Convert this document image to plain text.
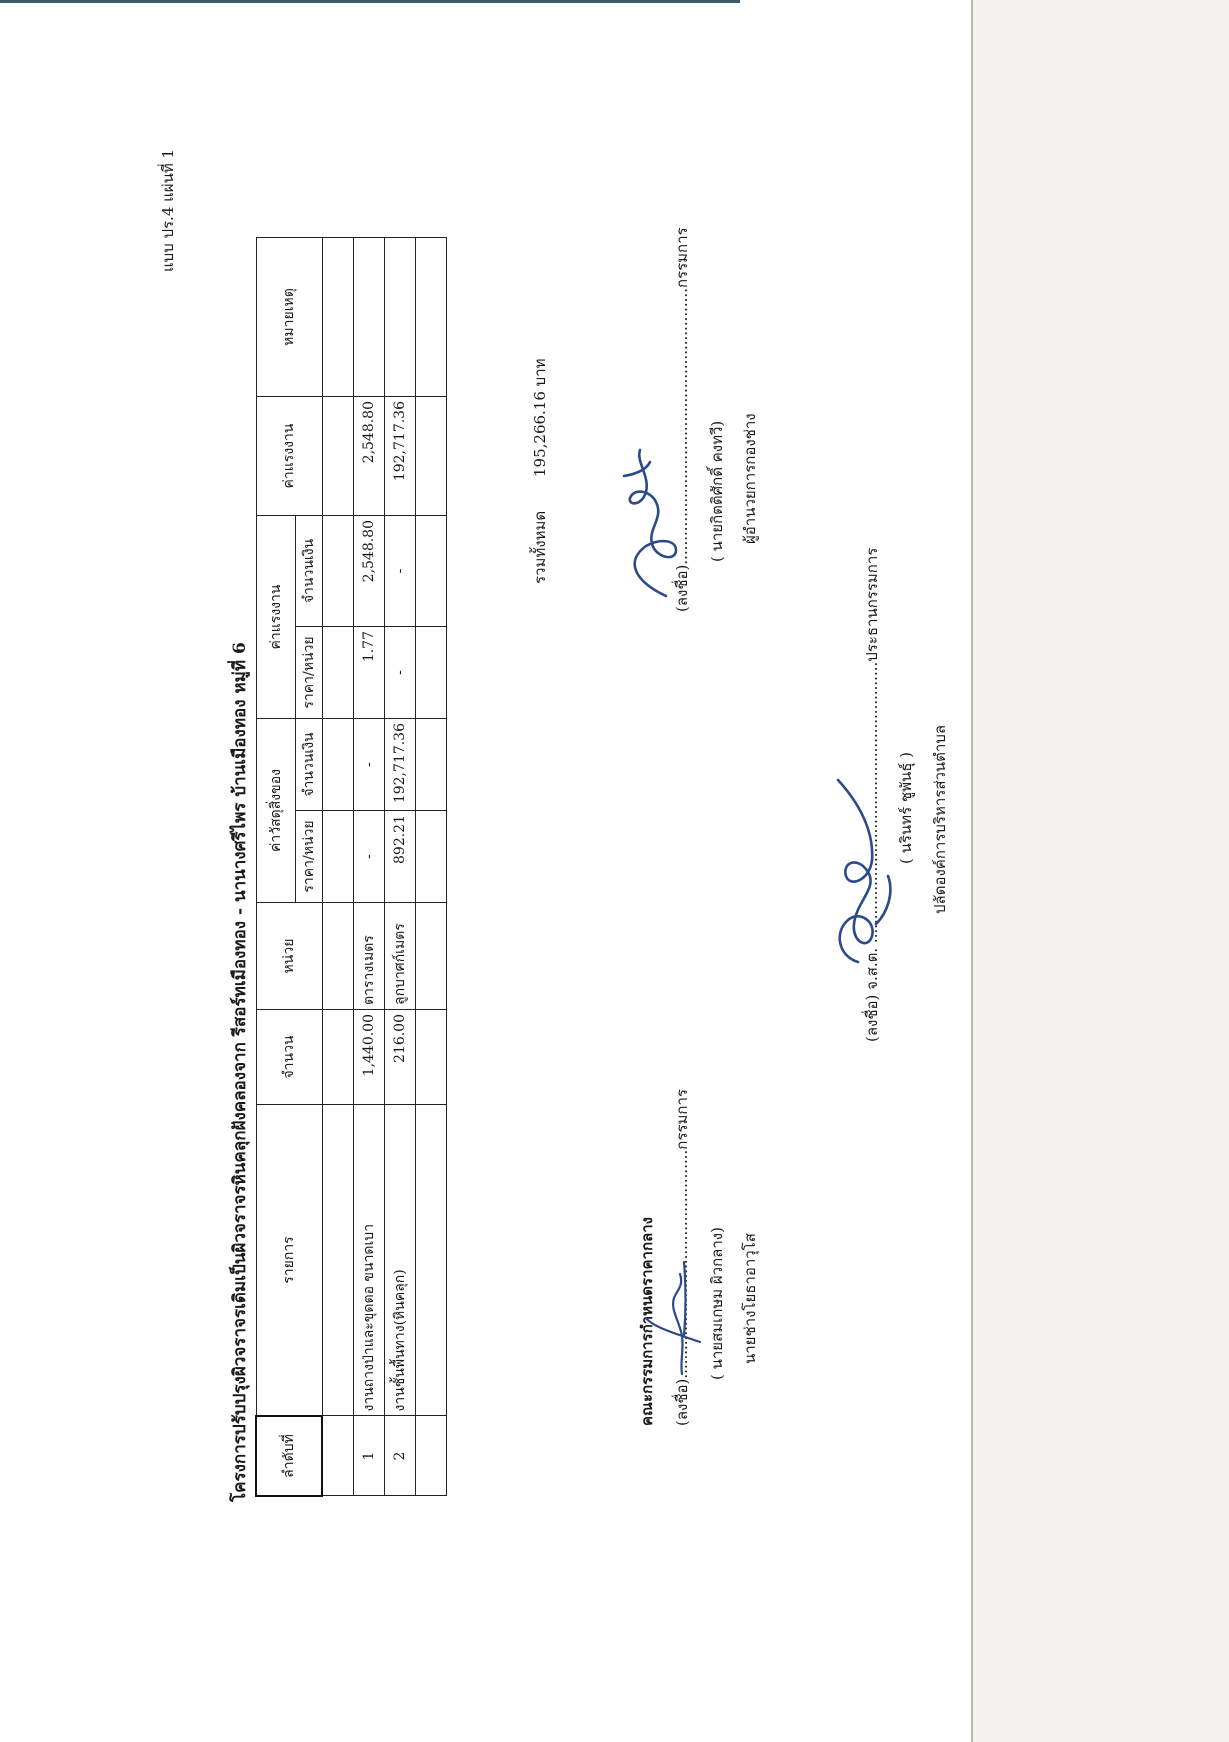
แบบ ปร.4 แผ่นที่ 1
โครงการปรับปรุงผิวจราจรเดิมเป็นผิวจราจรหินคลุกฝังคลองจาก รีสอร์ทเมืองทอง - นานางศรีไพร บ้านเมืองทอง หมู่ที่ 6 ลำดับที่	รายการ	จำนวน	หน่วย	ค่าวัสดุสิ่งของ		ค่าแรงงาน		ค่าแรงงาน	หมายเหตุ
				ราคา/หน่วย	จำนวนเงิน	ราคา/หน่วย	จำนวนเงิน		

1	งานถางป่าและขุดตอ ขนาดเบา	1,440.00	ตารางเมตร	-	-	1.77	2,548.80	2,548.80	
2	งานชั้นพื้นทาง(หินคลุก)	216.00	ลูกบาศก์เมตร	892.21	192,717.36	-	-	192,717.36	

รวมทั้งหมด
195,266.16 บาท
คณะกรรมการกำหนดราคากลาง (ลงชื่อ)................................................กรรมการ ( นายสมเกษม ผิวกลาง) นายช่างโยธาอาวุโส
(ลงชื่อ)..........................................................กรรมการ ( นายกิตติศักดิ์ คงทวี) ผู้อำนวยการกองช่าง
(ลงชื่อ) จ.ส.ต. ...........................................................ประธานกรรมการ ( นรินทร์ ชูพันธุ์ ) ปลัดองค์การบริหารส่วนตำบล
